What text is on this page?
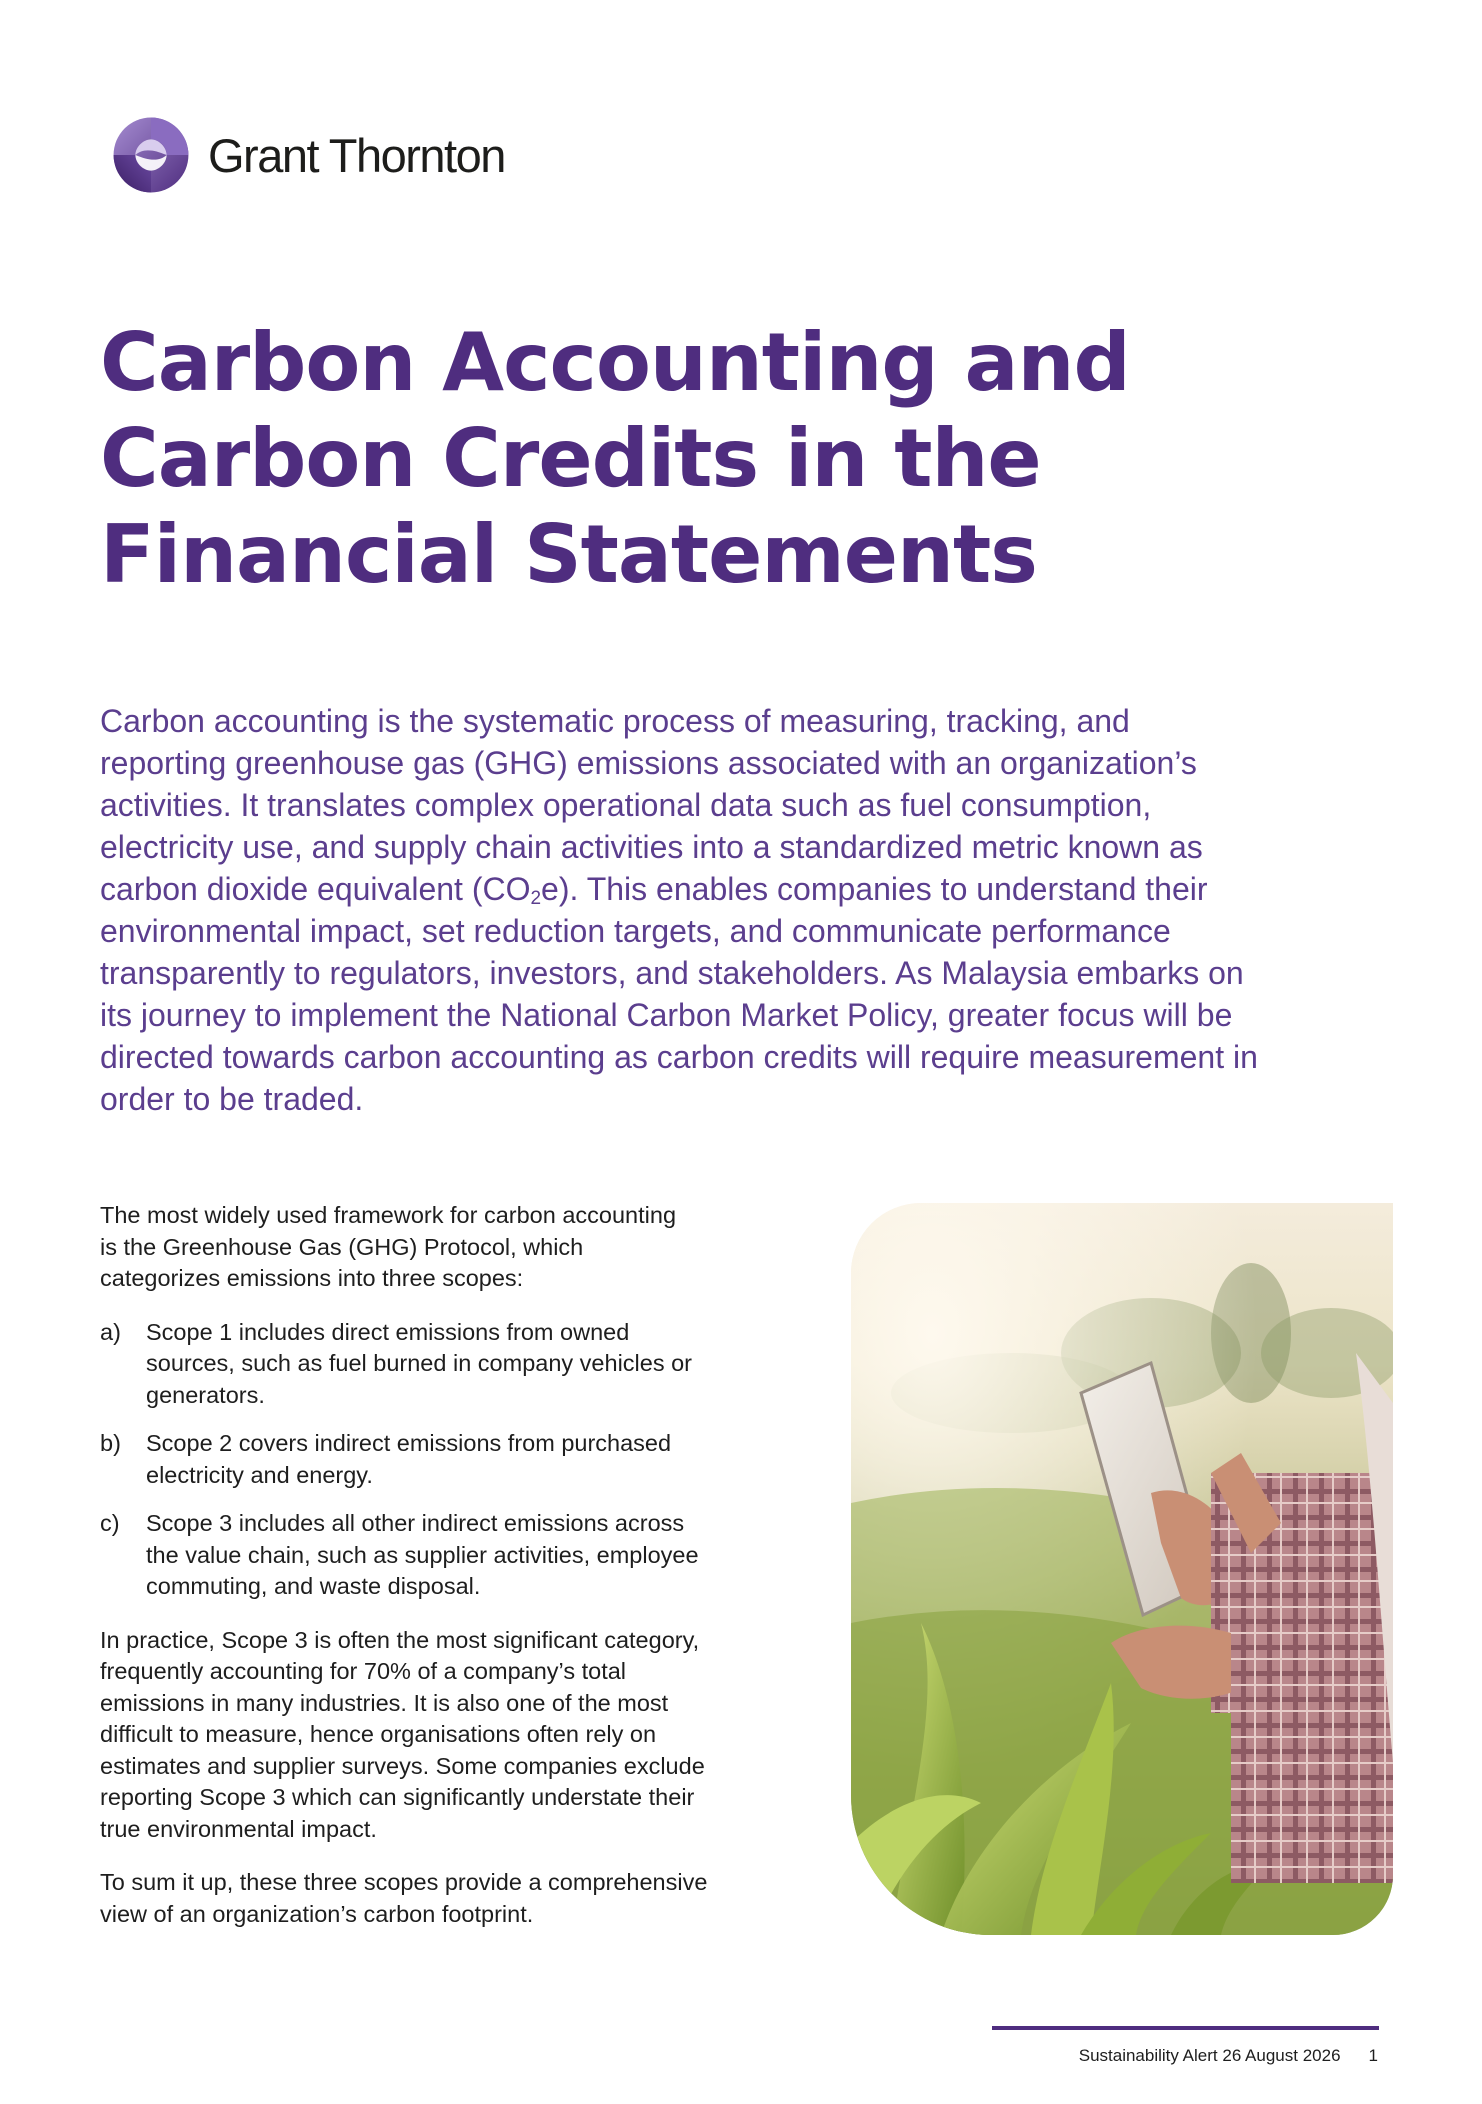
Grant Thornton
Carbon Accounting and
Carbon Credits in the
Financial Statements
Carbon accounting is the systematic process of measuring, tracking, and
reporting greenhouse gas (GHG) emissions associated with an organization’s
activities. It translates complex operational data such as fuel consumption,
electricity use, and supply chain activities into a standardized metric known as
carbon dioxide equivalent $(CO_2e)$. This enables companies to understand their
environmental impact, set reduction targets, and communicate performance
transparently to regulators, investors, and stakeholders. As Malaysia embarks on
its journey to implement the National Carbon Market Policy, greater focus will be
directed towards carbon accounting as carbon credits will require measurement in
order to be traded.
The most widely used framework for carbon accounting
is the Greenhouse Gas (GHG) Protocol, which
categorizes emissions into three scopes:
a)	Scope 1 includes direct emissions from owned
sources, such as fuel burned in company vehicles or
generators.
b)	Scope 2 covers indirect emissions from purchased
electricity and energy.
c)	Scope 3 includes all other indirect emissions across
the value chain, such as supplier activities, employee
commuting, and waste disposal.
In practice, Scope 3 is often the most significant category,
frequently accounting for 70% of a company’s total
emissions in many industries. It is also one of the most
difficult to measure, hence organisations often rely on
estimates and supplier surveys. Some companies exclude
reporting Scope 3 which can significantly understate their
true environmental impact.
To sum it up, these three scopes provide a comprehensive
view of an organization’s carbon footprint.
Sustainability Alert 26 August 2026 1
